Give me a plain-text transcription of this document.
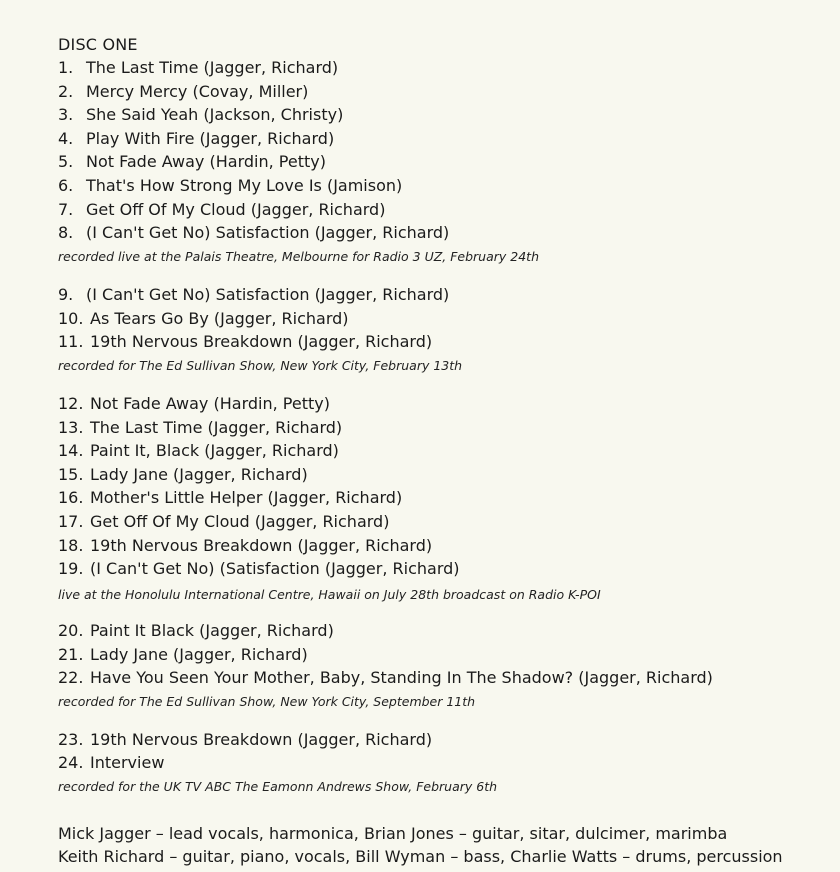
DISC ONE
1. The Last Time (Jagger, Richard)
2. Mercy Mercy (Covay, Miller)
3. She Said Yeah (Jackson, Christy)
4. Play With Fire (Jagger, Richard)
5. Not Fade Away (Hardin, Petty)
6. That's How Strong My Love Is (Jamison)
7. Get Off Of My Cloud (Jagger, Richard)
8. (I Can't Get No) Satisfaction (Jagger, Richard)
recorded live at the Palais Theatre, Melbourne for Radio 3 UZ, February 24th
9. (I Can't Get No) Satisfaction (Jagger, Richard)
10. As Tears Go By (Jagger, Richard)
11. 19th Nervous Breakdown (Jagger, Richard)
recorded for The Ed Sullivan Show, New York City, February 13th
12. Not Fade Away (Hardin, Petty)
13. The Last Time (Jagger, Richard)
14. Paint It, Black (Jagger, Richard)
15. Lady Jane (Jagger, Richard)
16. Mother's Little Helper (Jagger, Richard)
17. Get Off Of My Cloud (Jagger, Richard)
18. 19th Nervous Breakdown (Jagger, Richard)
19. (I Can't Get No) (Satisfaction (Jagger, Richard)
live at the Honolulu International Centre, Hawaii on July 28th broadcast on Radio K-POI
20. Paint It Black (Jagger, Richard)
21. Lady Jane (Jagger, Richard)
22. Have You Seen Your Mother, Baby, Standing In The Shadow? (Jagger, Richard)
recorded for The Ed Sullivan Show, New York City, September 11th
23. 19th Nervous Breakdown (Jagger, Richard)
24. Interview
recorded for the UK TV ABC The Eamonn Andrews Show, February 6th
Mick Jagger – lead vocals, harmonica, Brian Jones – guitar, sitar, dulcimer, marimba
Keith Richard – guitar, piano, vocals, Bill Wyman – bass, Charlie Watts – drums, percussion
